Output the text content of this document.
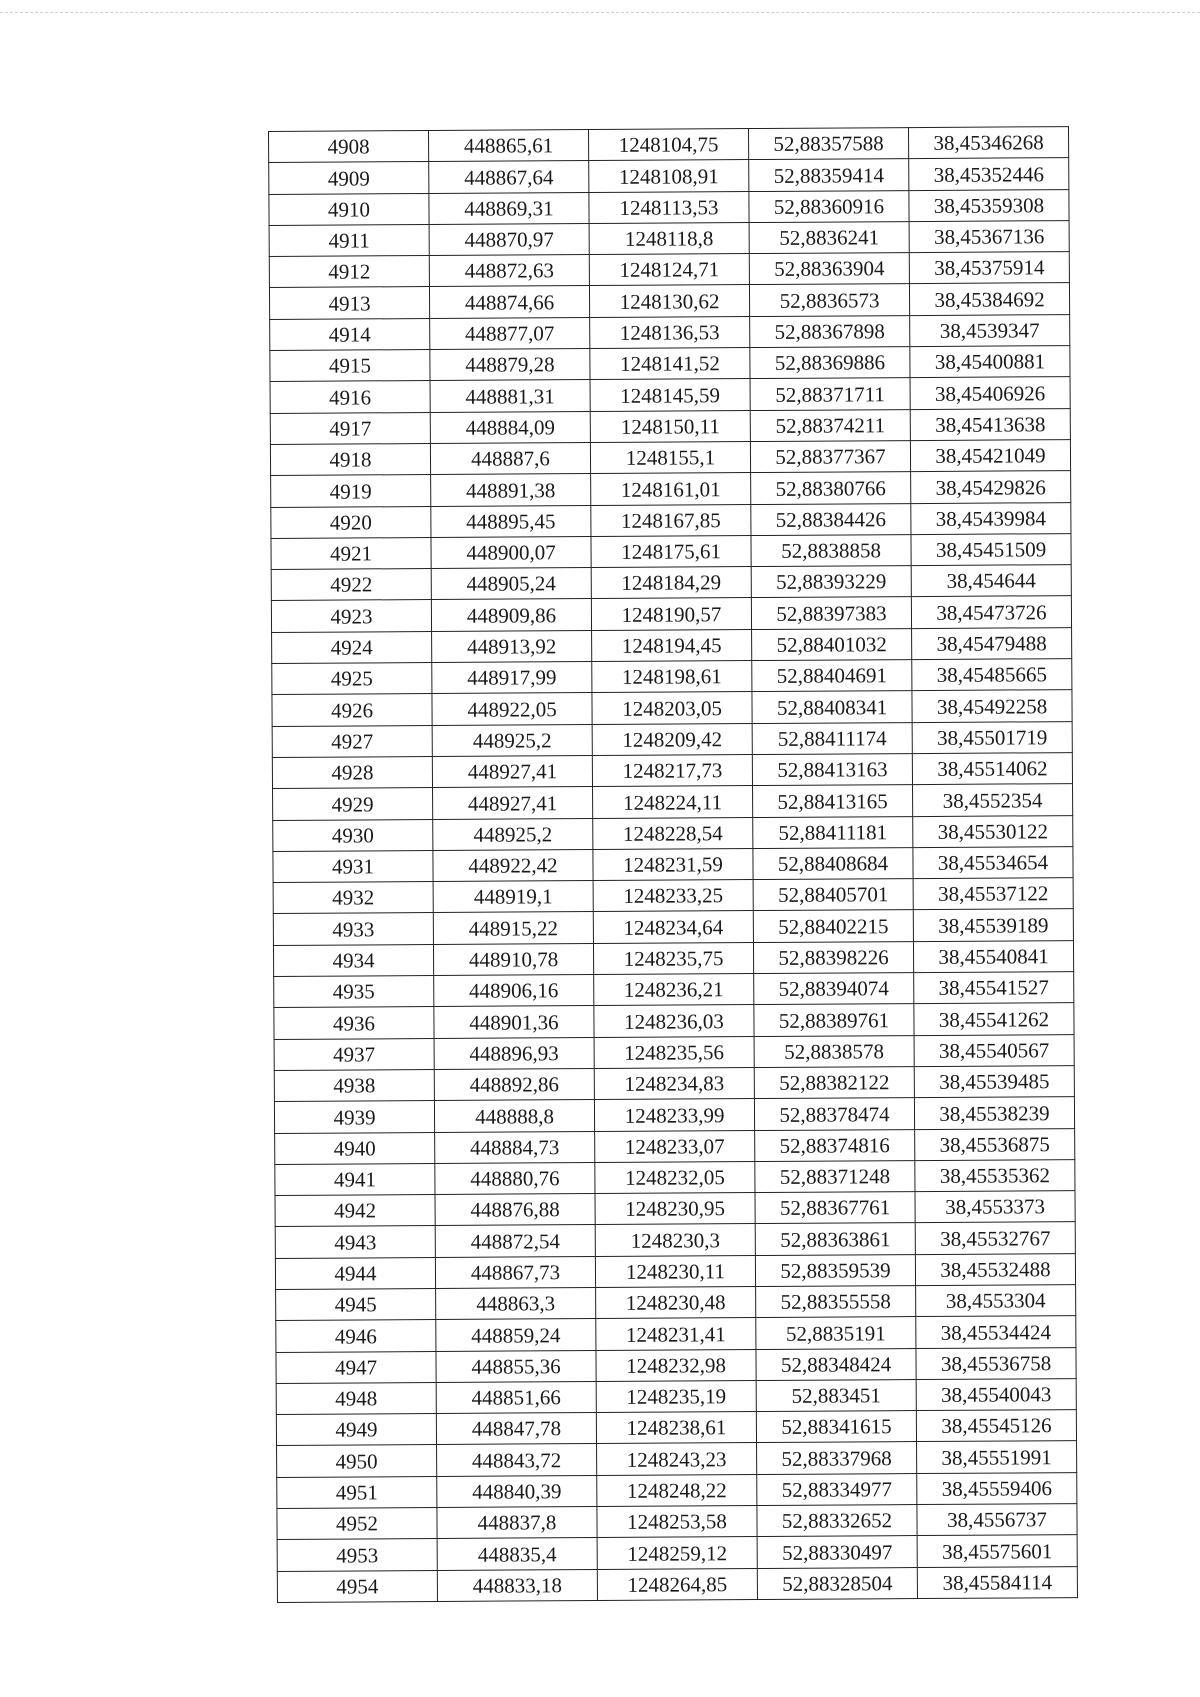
4908	448865,61	1248104,75	52,88357588	38,45346268
4909	448867,64	1248108,91	52,88359414	38,45352446
4910	448869,31	1248113,53	52,88360916	38,45359308
4911	448870,97	1248118,8	52,8836241	38,45367136
4912	448872,63	1248124,71	52,88363904	38,45375914
4913	448874,66	1248130,62	52,8836573	38,45384692
4914	448877,07	1248136,53	52,88367898	38,4539347
4915	448879,28	1248141,52	52,88369886	38,45400881
4916	448881,31	1248145,59	52,88371711	38,45406926
4917	448884,09	1248150,11	52,88374211	38,45413638
4918	448887,6	1248155,1	52,88377367	38,45421049
4919	448891,38	1248161,01	52,88380766	38,45429826
4920	448895,45	1248167,85	52,88384426	38,45439984
4921	448900,07	1248175,61	52,8838858	38,45451509
4922	448905,24	1248184,29	52,88393229	38,454644
4923	448909,86	1248190,57	52,88397383	38,45473726
4924	448913,92	1248194,45	52,88401032	38,45479488
4925	448917,99	1248198,61	52,88404691	38,45485665
4926	448922,05	1248203,05	52,88408341	38,45492258
4927	448925,2	1248209,42	52,88411174	38,45501719
4928	448927,41	1248217,73	52,88413163	38,45514062
4929	448927,41	1248224,11	52,88413165	38,4552354
4930	448925,2	1248228,54	52,88411181	38,45530122
4931	448922,42	1248231,59	52,88408684	38,45534654
4932	448919,1	1248233,25	52,88405701	38,45537122
4933	448915,22	1248234,64	52,88402215	38,45539189
4934	448910,78	1248235,75	52,88398226	38,45540841
4935	448906,16	1248236,21	52,88394074	38,45541527
4936	448901,36	1248236,03	52,88389761	38,45541262
4937	448896,93	1248235,56	52,8838578	38,45540567
4938	448892,86	1248234,83	52,88382122	38,45539485
4939	448888,8	1248233,99	52,88378474	38,45538239
4940	448884,73	1248233,07	52,88374816	38,45536875
4941	448880,76	1248232,05	52,88371248	38,45535362
4942	448876,88	1248230,95	52,88367761	38,4553373
4943	448872,54	1248230,3	52,88363861	38,45532767
4944	448867,73	1248230,11	52,88359539	38,45532488
4945	448863,3	1248230,48	52,88355558	38,4553304
4946	448859,24	1248231,41	52,8835191	38,45534424
4947	448855,36	1248232,98	52,88348424	38,45536758
4948	448851,66	1248235,19	52,883451	38,45540043
4949	448847,78	1248238,61	52,88341615	38,45545126
4950	448843,72	1248243,23	52,88337968	38,45551991
4951	448840,39	1248248,22	52,88334977	38,45559406
4952	448837,8	1248253,58	52,88332652	38,4556737
4953	448835,4	1248259,12	52,88330497	38,45575601
4954	448833,18	1248264,85	52,88328504	38,45584114
